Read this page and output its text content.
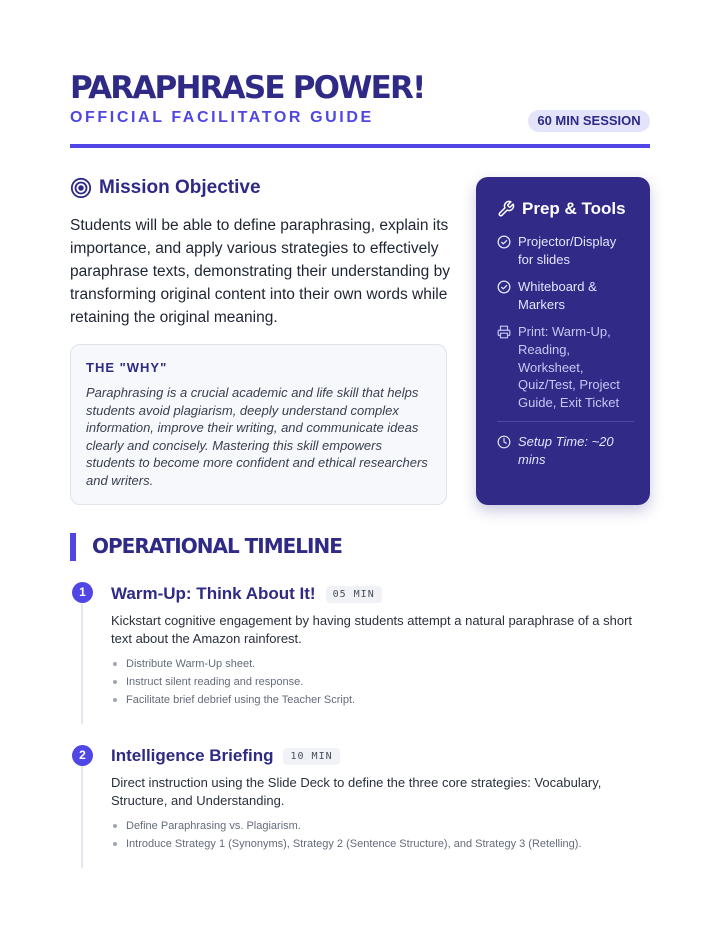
PARAPHRASE POWER!
OFFICIAL FACILITATOR GUIDE	60 MIN SESSION
Mission Objective
Students will be able to define paraphrasing, explain its importance, and apply various strategies to effectively paraphrase texts, demonstrating their understanding by transforming original content into their own words while retaining the original meaning.
THE "WHY"
Paraphrasing is a crucial academic and life skill that helps students avoid plagiarism, deeply understand complex information, improve their writing, and communicate ideas clearly and concisely. Mastering this skill empowers students to become more confident and ethical researchers and writers.
Prep & Tools
Projector/Display for slides
Whiteboard & Markers
Print: Warm-Up, Reading, Worksheet, Quiz/Test, Project Guide, Exit Ticket
Setup Time: ~20 mins
OPERATIONAL TIMELINE
1	Warm-Up: Think About It!	05 MIN
Kickstart cognitive engagement by having students attempt a natural paraphrase of a short text about the Amazon rainforest.
Distribute Warm-Up sheet.
Instruct silent reading and response.
Facilitate brief debrief using the Teacher Script.
2	Intelligence Briefing	10 MIN
Direct instruction using the Slide Deck to define the three core strategies: Vocabulary, Structure, and Understanding.
Define Paraphrasing vs. Plagiarism.
Introduce Strategy 1 (Synonyms), Strategy 2 (Sentence Structure), and Strategy 3 (Retelling).
